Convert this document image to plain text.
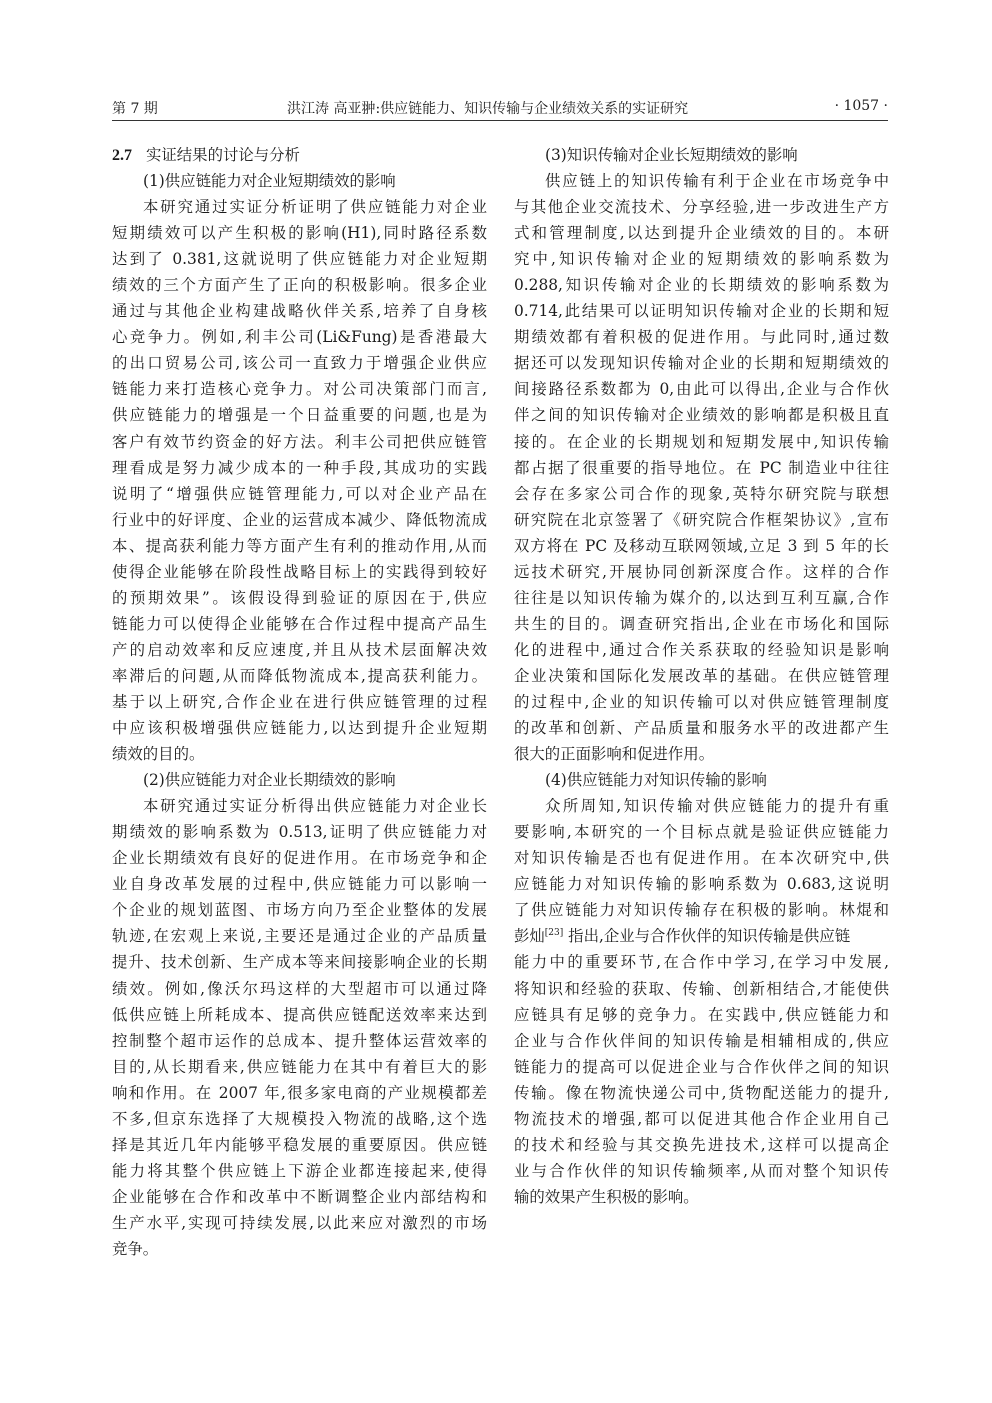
第 7 期	洪江涛 高亚翀:供应链能力、知识传输与企业绩效关系的实证研究	· 1057 ·
2.7 实证结果的讨论与分析
(1)供应链能力对企业短期绩效的影响
本研究通过实证分析证明了供应链能力对企业
短期绩效可以产生积极的影响(H1),同时路径系数
达到了 0.381,这就说明了供应链能力对企业短期
绩效的三个方面产生了正向的积极影响。很多企业
通过与其他企业构建战略伙伴关系,培养了自身核
心竞争力。例如,利丰公司(Li&Fung)是香港最大
的出口贸易公司,该公司一直致力于增强企业供应
链能力来打造核心竞争力。对公司决策部门而言,
供应链能力的增强是一个日益重要的问题,也是为
客户有效节约资金的好方法。利丰公司把供应链管
理看成是努力减少成本的一种手段,其成功的实践
说明了“增强供应链管理能力,可以对企业产品在
行业中的好评度、企业的运营成本减少、降低物流成
本、提高获利能力等方面产生有利的推动作用,从而
使得企业能够在阶段性战略目标上的实践得到较好
的预期效果”。该假设得到验证的原因在于,供应
链能力可以使得企业能够在合作过程中提高产品生
产的启动效率和反应速度,并且从技术层面解决效
率滞后的问题,从而降低物流成本,提高获利能力。
基于以上研究,合作企业在进行供应链管理的过程
中应该积极增强供应链能力,以达到提升企业短期
绩效的目的。
(2)供应链能力对企业长期绩效的影响
本研究通过实证分析得出供应链能力对企业长
期绩效的影响系数为 0.513,证明了供应链能力对
企业长期绩效有良好的促进作用。在市场竞争和企
业自身改革发展的过程中,供应链能力可以影响一
个企业的规划蓝图、市场方向乃至企业整体的发展
轨迹,在宏观上来说,主要还是通过企业的产品质量
提升、技术创新、生产成本等来间接影响企业的长期
绩效。例如,像沃尔玛这样的大型超市可以通过降
低供应链上所耗成本、提高供应链配送效率来达到
控制整个超市运作的总成本、提升整体运营效率的
目的,从长期看来,供应链能力在其中有着巨大的影
响和作用。在 2007 年,很多家电商的产业规模都差
不多,但京东选择了大规模投入物流的战略,这个选
择是其近几年内能够平稳发展的重要原因。供应链
能力将其整个供应链上下游企业都连接起来,使得
企业能够在合作和改革中不断调整企业内部结构和
生产水平,实现可持续发展,以此来应对激烈的市场
竞争。
(3)知识传输对企业长短期绩效的影响
供应链上的知识传输有利于企业在市场竞争中
与其他企业交流技术、分享经验,进一步改进生产方
式和管理制度,以达到提升企业绩效的目的。本研
究中,知识传输对企业的短期绩效的影响系数为
0.288,知识传输对企业的长期绩效的影响系数为
0.714,此结果可以证明知识传输对企业的长期和短
期绩效都有着积极的促进作用。与此同时,通过数
据还可以发现知识传输对企业的长期和短期绩效的
间接路径系数都为 0,由此可以得出,企业与合作伙
伴之间的知识传输对企业绩效的影响都是积极且直
接的。在企业的长期规划和短期发展中,知识传输
都占据了很重要的指导地位。在 PC 制造业中往往
会存在多家公司合作的现象,英特尔研究院与联想
研究院在北京签署了《研究院合作框架协议》,宣布
双方将在 PC 及移动互联网领域,立足 3 到 5 年的长
远技术研究,开展协同创新深度合作。这样的合作
往往是以知识传输为媒介的,以达到互利互赢,合作
共生的目的。调查研究指出,企业在市场化和国际
化的进程中,通过合作关系获取的经验知识是影响
企业决策和国际化发展改革的基础。在供应链管理
的过程中,企业的知识传输可以对供应链管理制度
的改革和创新、产品质量和服务水平的改进都产生
很大的正面影响和促进作用。
(4)供应链能力对知识传输的影响
众所周知,知识传输对供应链能力的提升有重
要影响,本研究的一个目标点就是验证供应链能力
对知识传输是否也有促进作用。在本次研究中,供
应链能力对知识传输的影响系数为 0.683,这说明
了供应链能力对知识传输存在积极的影响。林焜和
彭灿[23] 指出,企业与合作伙伴的知识传输是供应链
能力中的重要环节,在合作中学习,在学习中发展,
将知识和经验的获取、传输、创新相结合,才能使供
应链具有足够的竞争力。在实践中,供应链能力和
企业与合作伙伴间的知识传输是相辅相成的,供应
链能力的提高可以促进企业与合作伙伴之间的知识
传输。像在物流快递公司中,货物配送能力的提升,
物流技术的增强,都可以促进其他合作企业用自己
的技术和经验与其交换先进技术,这样可以提高企
业与合作伙伴的知识传输频率,从而对整个知识传
输的效果产生积极的影响。
